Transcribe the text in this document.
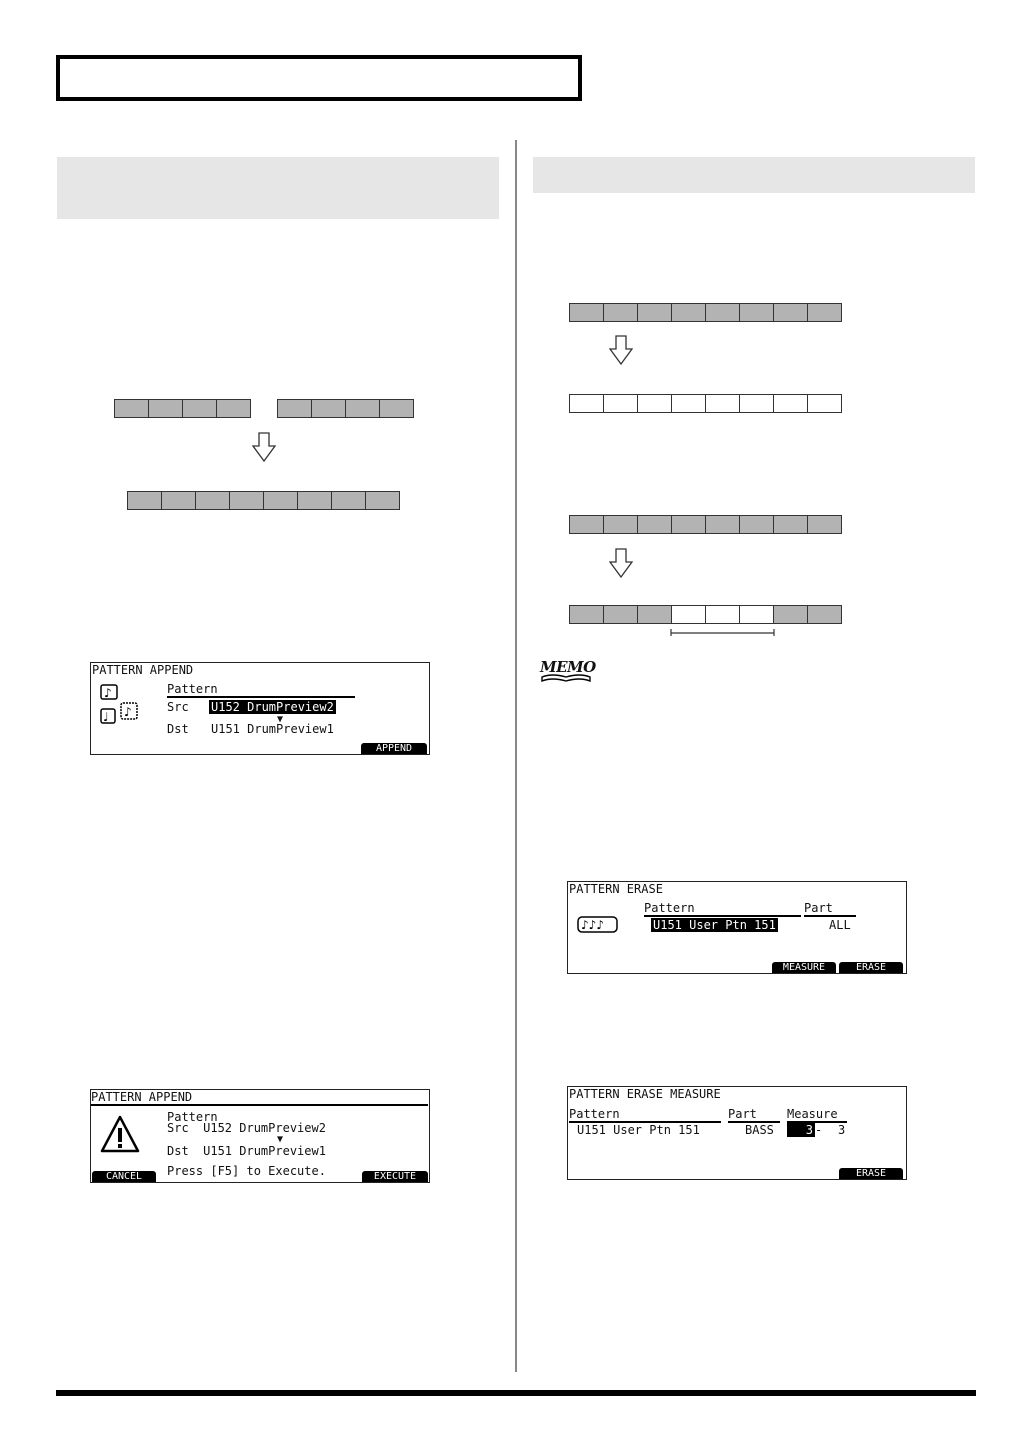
PATTERN APPEND
♪
♩ ♪
Pattern
Src U152 DrumPreview2
▼
Dst U151 DrumPreview1
APPEND
PATTERN APPEND
Pattern
Src  U152 DrumPreview2
▼
Dst  U151 DrumPreview1
Press [F5] to Execute.
CANCEL	EXECUTE
MEMO
PATTERN ERASE
♪♪♪
Pattern	Part
U151 User Ptn 151	ALL
MEASURE	ERASE
PATTERN ERASE MEASURE
Pattern	Part	Measure
U151 User Ptn 151	BASS	3 - 3
ERASE
